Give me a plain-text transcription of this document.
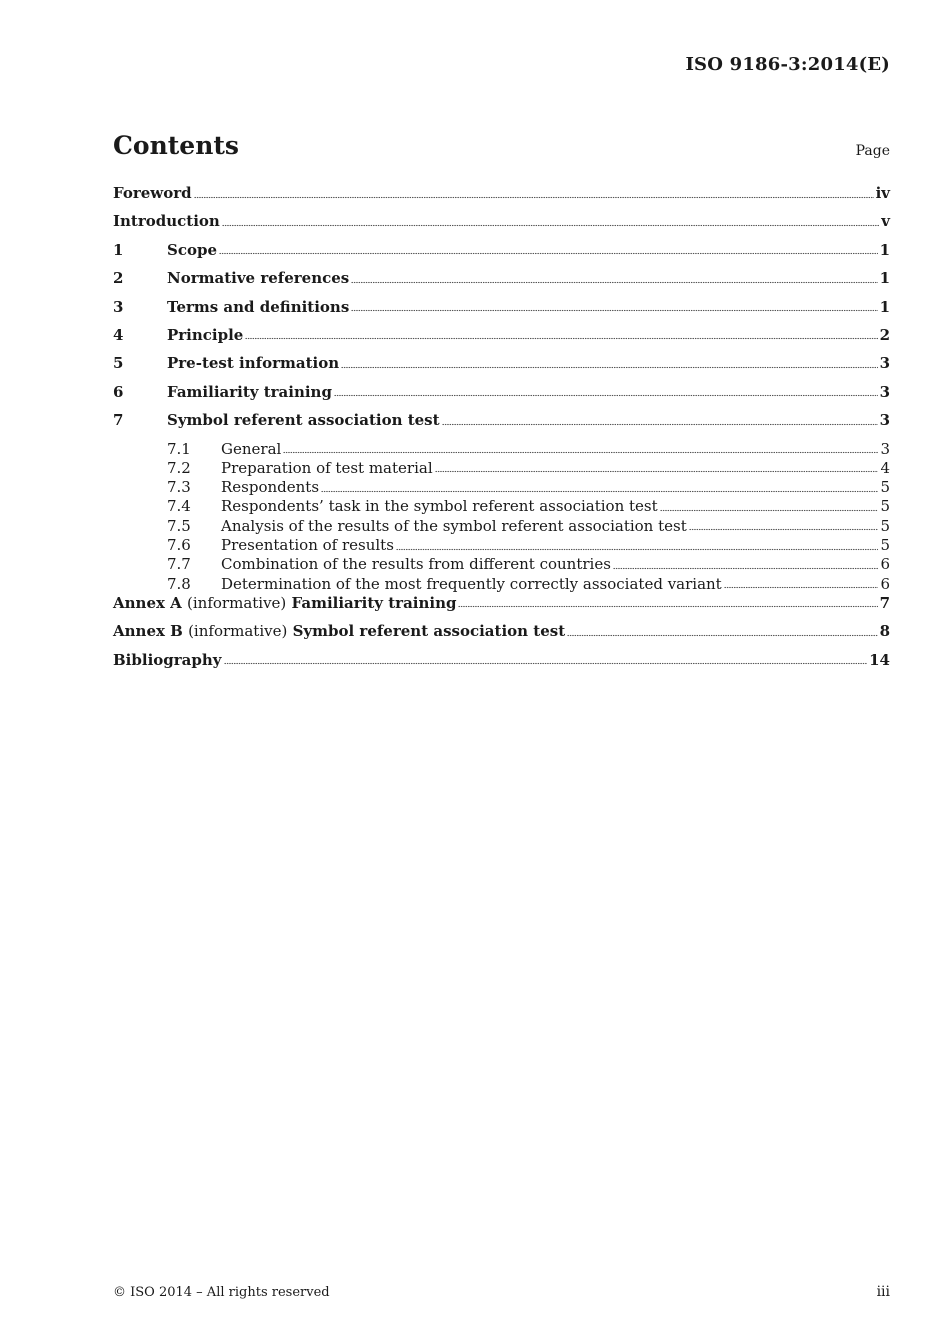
ISO 9186-3:2014(E)
Contents	Page
Foreword	iv
Introduction	v
1	Scope	1
2	Normative references	1
3	Terms and definitions	1
4	Principle	2
5	Pre-test information	3
6	Familiarity training	3
7	Symbol referent association test	3
7.1	General	3
7.2	Preparation of test material	4
7.3	Respondents	5
7.4	Respondents’ task in the symbol referent association test	5
7.5	Analysis of the results of the symbol referent association test	5
7.6	Presentation of results	5
7.7	Combination of the results from different countries	6
7.8	Determination of the most frequently correctly associated variant	6
Annex A (informative) Familiarity training	7
Annex B (informative) Symbol referent association test	8
Bibliography	14
© ISO 2014 – All rights reserved	iii
